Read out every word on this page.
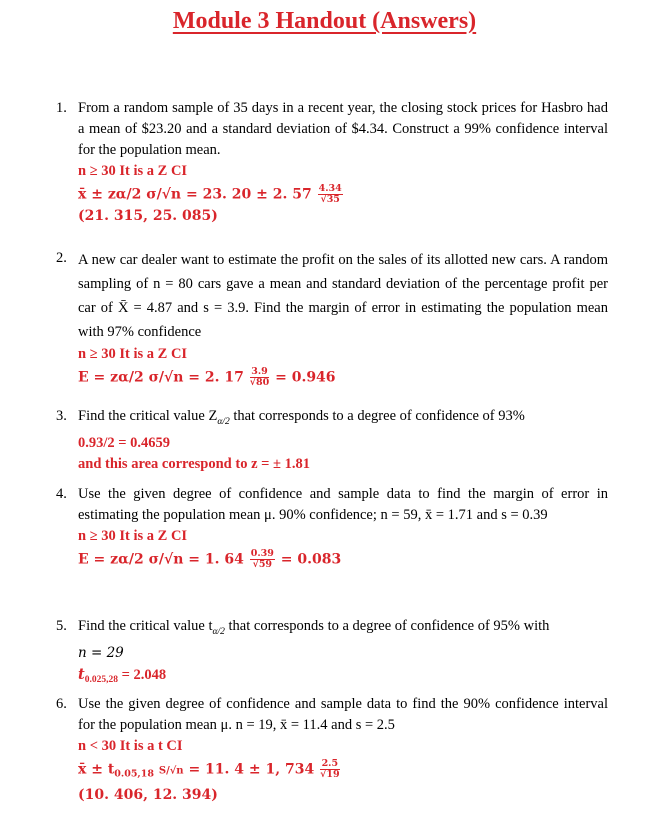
Module 3 Handout (Answers)
1. From a random sample of 35 days in a recent year, the closing stock prices for Hasbro had a mean of $23.20 and a standard deviation of $4.34. Construct a 99% confidence interval for the population mean.
n ≥ 30 It is a Z CI
x̄ ± zα/2 σ/√n = 23. 20 ± 2. $57 \frac{4.34}{√35}$
(21. 315, 25. 085)
2. A new car dealer want to estimate the profit on the sales of its allotted new cars. A random sampling of n = 80 cars gave a mean and standard deviation of the percentage profit per car of X̄ = 4.87 and s = 3.9. Find the margin of error in estimating the population mean with 97% confidence
n ≥ 30 It is a Z CI
E = zα/2 σ/√n = 2. $17 \frac{3.9}{√80} = 0.946$
3. Find the critical value $Z_{\alpha/2}$ that corresponds to a degree of confidence of 93%
0.93/2 = 0.4659
and this area correspond to z = ± 1.81
4. Use the given degree of confidence and sample data to find the margin of error in estimating the population mean μ. 90% confidence; n = 59, x̄ = 1.71 and s = 0.39
n ≥ 30 It is a Z CI
E = zα/2 σ/√n = 1. $64 \frac{0.39}{√59} = 0.083$
5. Find the critical value $t_{\alpha/2}$ that corresponds to a degree of confidence of 95% with
n = 29
$t_{0.025,28} = 2.048$
6. Use the given degree of confidence and sample data to find the 90% confidence interval for the population mean μ. n = 19, x̄ = 11.4 and s = 2.5
n < 30 It is a t CI
x̄ ± $t_{0.05,18}$ S/√n = 11. 4 ± 1, $734 \frac{2.5}{√19}$
(10. 406, 12. 394)
